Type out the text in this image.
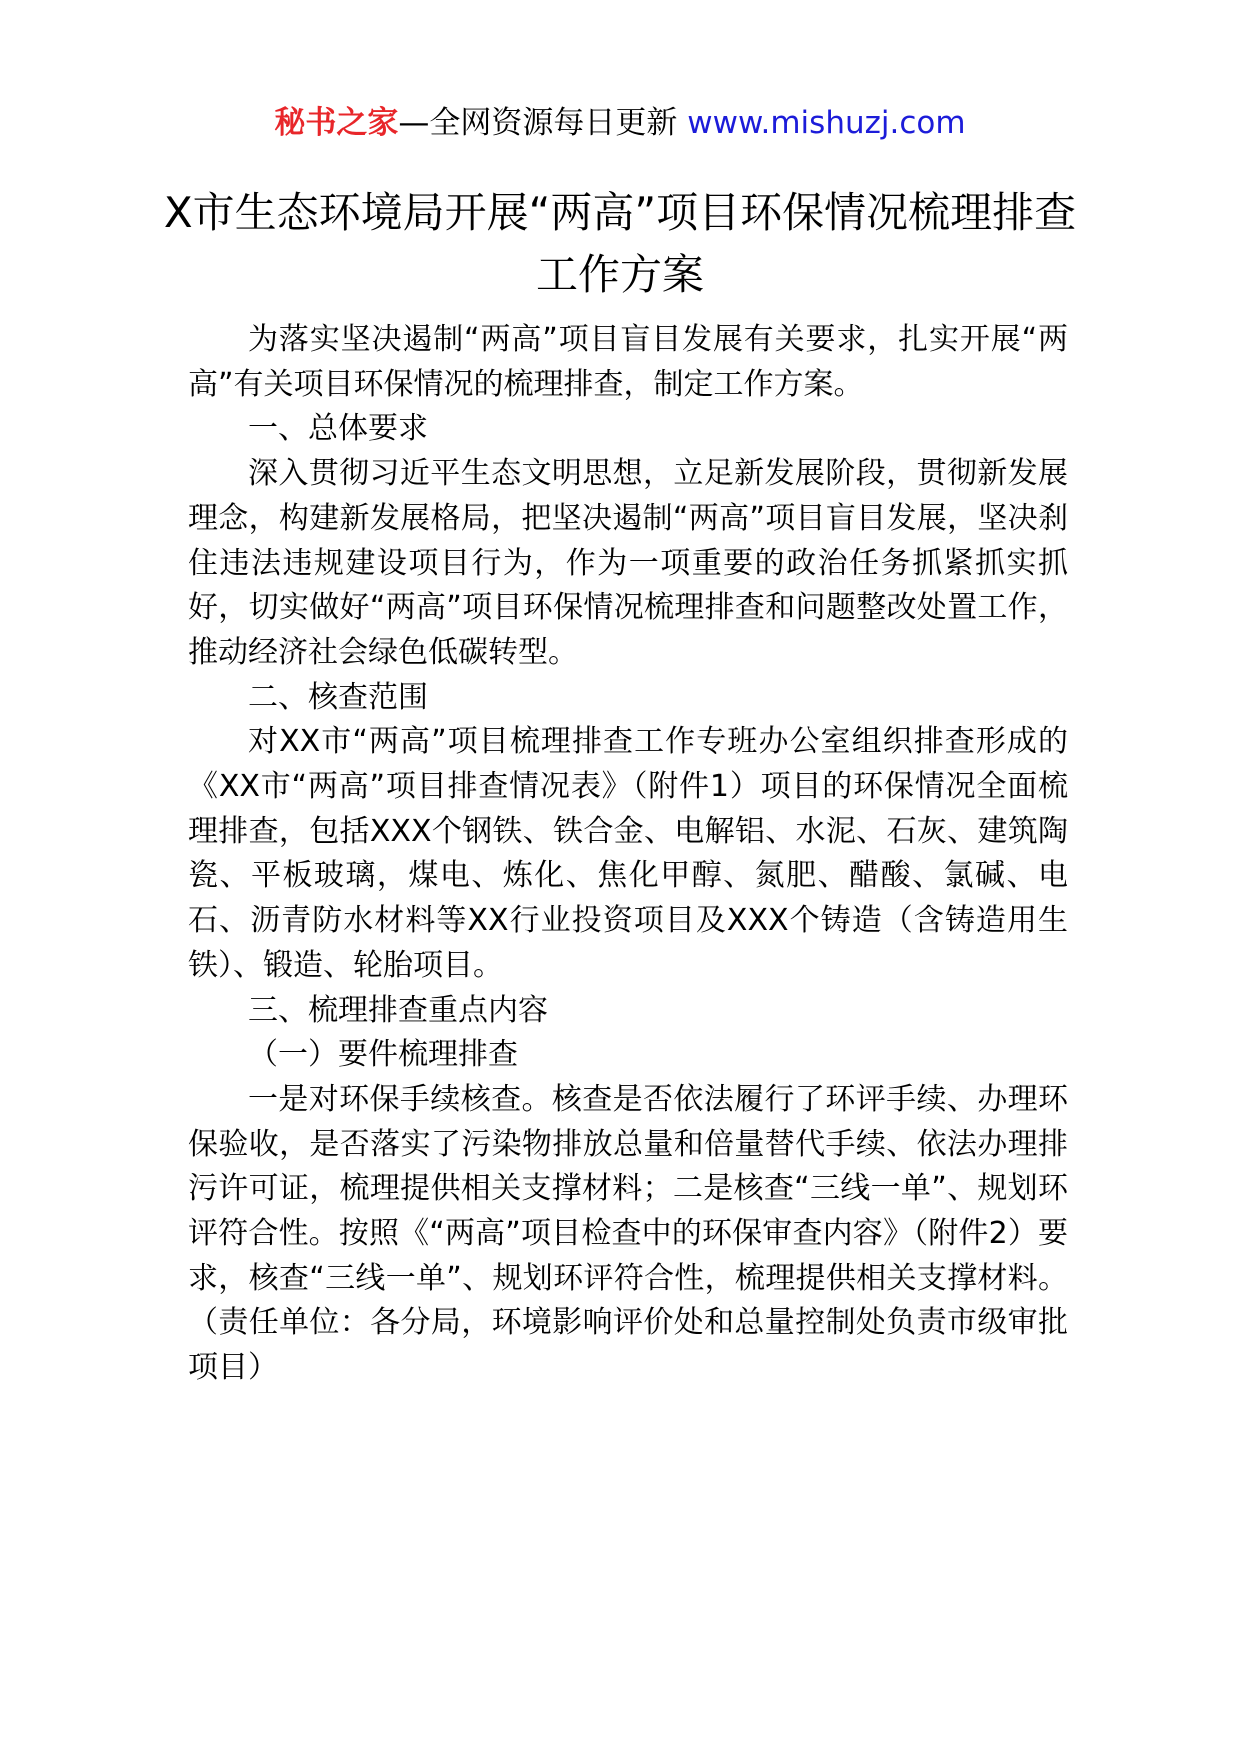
秘书之家—全网资源每日更新 www.mishuzj.com
X市生态环境局开展“两高”项目环保情况梳理排查工作方案

为落实坚决遏制“两高”项目盲目发展有关要求，扎实开展“两高”有关项目环保情况的梳理排查，制定工作方案。

一、总体要求

深入贯彻习近平生态文明思想，立足新发展阶段，贯彻新发展理念，构建新发展格局，把坚决遏制“两高”项目盲目发展，坚决刹住违法违规建设项目行为，作为一项重要的政治任务抓紧抓实抓好，切实做好“两高”项目环保情况梳理排查和问题整改处置工作，推动经济社会绿色低碳转型。

二、核查范围

对XX市“两高”项目梳理排查工作专班办公室组织排查形成的《XX市“两高”项目排查情况表》（附件1）项目的环保情况全面梳理排查，包括XXX个钢铁、铁合金、电解铝、水泥、石灰、建筑陶瓷、平板玻璃，煤电、炼化、焦化甲醇、氮肥、醋酸、氯碱、电石、沥青防水材料等XX行业投资项目及XXX个铸造（含铸造用生铁）、锻造、轮胎项目。

三、梳理排查重点内容

（一）要件梳理排查

一是对环保手续核查。核查是否依法履行了环评手续、办理环保验收，是否落实了污染物排放总量和倍量替代手续、依法办理排污许可证，梳理提供相关支撑材料；二是核查“三线一单”、规划环评符合性。按照《“两高”项目检查中的环保审查内容》（附件2）要求，核查“三线一单”、规划环评符合性，梳理提供相关支撑材料。（责任单位：各分局，环境影响评价处和总量控制处负责市级审批项目）
